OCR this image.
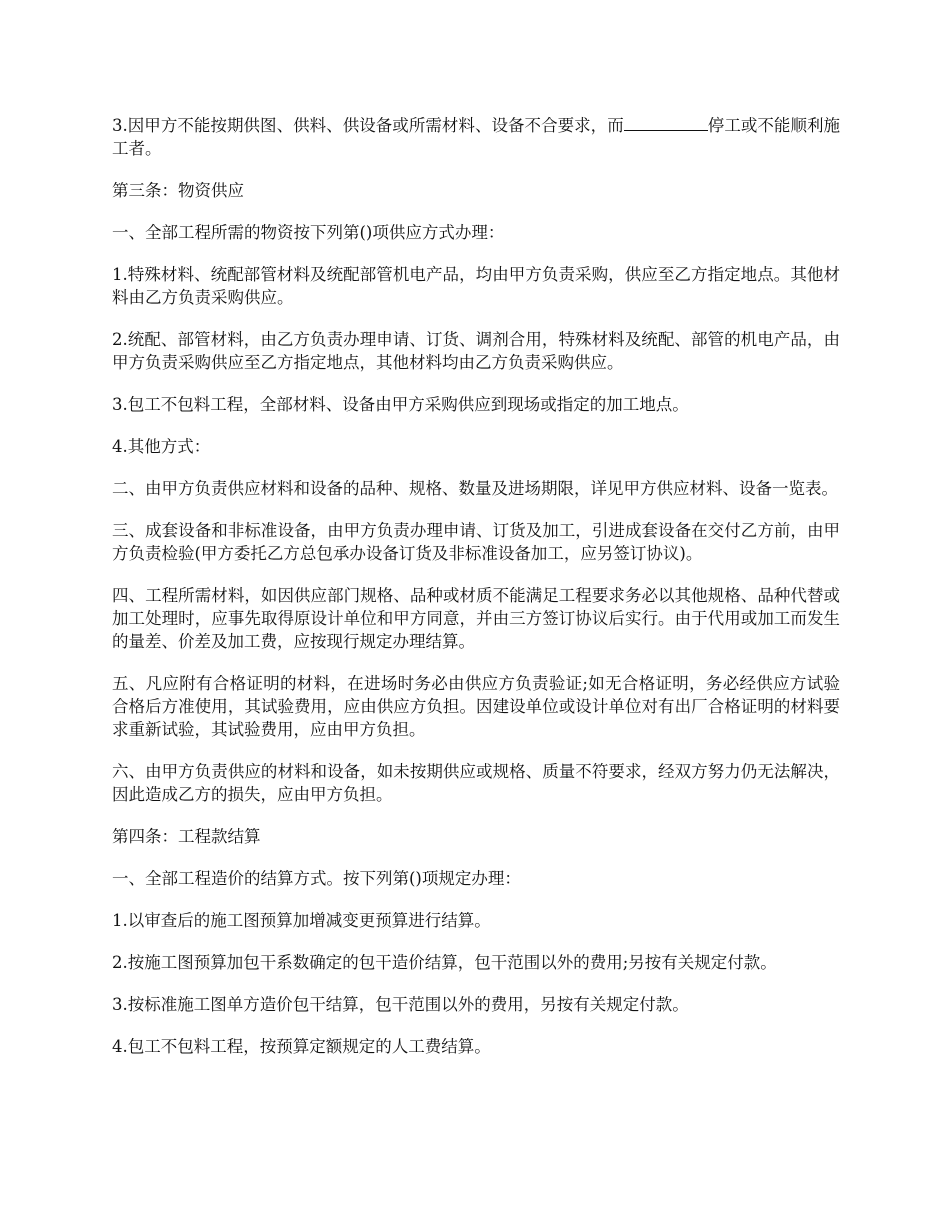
3.因甲方不能按期供图、供料、供设备或所需材料、设备不合要求，而	停工或不能顺利施工者。

第三条：物资供应

一、全部工程所需的物资按下列第()项供应方式办理：

1.特殊材料、统配部管材料及统配部管机电产品，均由甲方负责采购，供应至乙方指定地点。其他材料由乙方负责采购供应。

2.统配、部管材料，由乙方负责办理申请、订货、调剂合用，特殊材料及统配、部管的机电产品，由甲方负责采购供应至乙方指定地点，其他材料均由乙方负责采购供应。

3.包工不包料工程，全部材料、设备由甲方采购供应到现场或指定的加工地点。

4.其他方式：

二、由甲方负责供应材料和设备的品种、规格、数量及进场期限，详见甲方供应材料、设备一览表。

三、成套设备和非标准设备，由甲方负责办理申请、订货及加工，引进成套设备在交付乙方前，由甲方负责检验(甲方委托乙方总包承办设备订货及非标准设备加工，应另签订协议)。

四、工程所需材料，如因供应部门规格、品种或材质不能满足工程要求务必以其他规格、品种代替或加工处理时，应事先取得原设计单位和甲方同意，并由三方签订协议后实行。由于代用或加工而发生的量差、价差及加工费，应按现行规定办理结算。

五、凡应附有合格证明的材料，在进场时务必由供应方负责验证;如无合格证明，务必经供应方试验合格后方准使用，其试验费用，应由供应方负担。因建设单位或设计单位对有出厂合格证明的材料要求重新试验，其试验费用，应由甲方负担。

六、由甲方负责供应的材料和设备，如未按期供应或规格、质量不符要求，经双方努力仍无法解决，因此造成乙方的损失，应由甲方负担。

第四条：工程款结算

一、全部工程造价的结算方式。按下列第()项规定办理：

1.以审查后的施工图预算加增减变更预算进行结算。

2.按施工图预算加包干系数确定的包干造价结算，包干范围以外的费用;另按有关规定付款。

3.按标准施工图单方造价包干结算，包干范围以外的费用，另按有关规定付款。

4.包工不包料工程，按预算定额规定的人工费结算。
